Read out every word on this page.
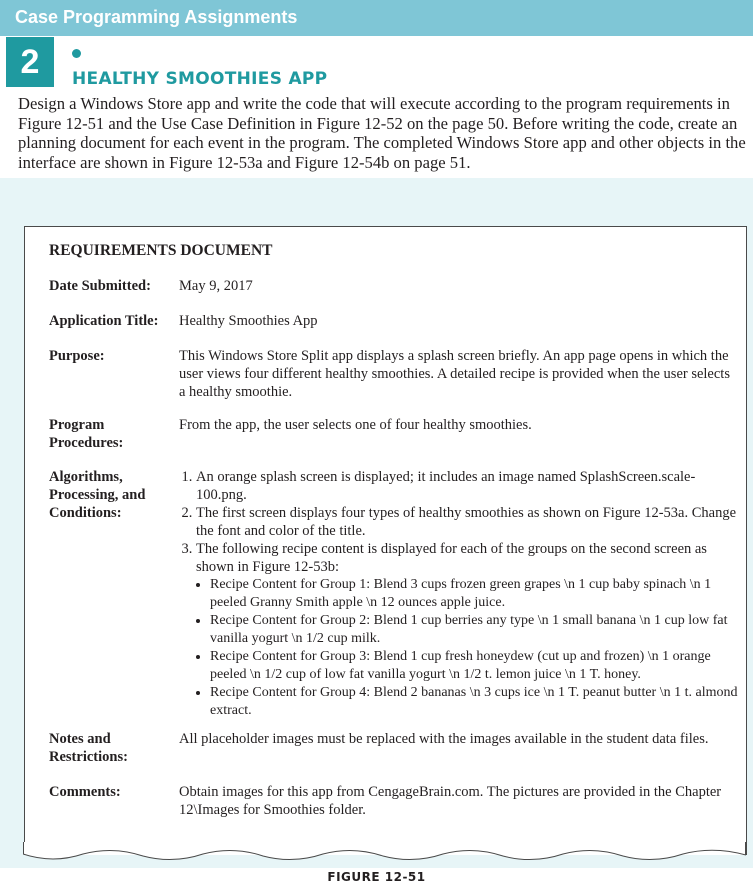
Case Programming Assignments
2	HEALTHY SMOOTHIES APP
Design a Windows Store app and write the code that will execute according to the program requirements in
Figure 12-51 and the Use Case Definition in Figure 12-52 on the page 50. Before writing the code, create an
planning document for each event in the program. The completed Windows Store app and other objects in the
interface are shown in Figure 12-53a and Figure 12-54b on page 51.
REQUIREMENTS DOCUMENT
Date Submitted: May 9, 2017
Application Title: Healthy Smoothies App
Purpose:	This Windows Store Split app displays a splash screen briefly. An app page opens in which the user views four different healthy smoothies. A detailed recipe is provided when the user selects a healthy smoothie.
Program Procedures:
From the app, the user selects one of four healthy smoothies.
Algorithms, Processing, and Conditions:
1. An orange splash screen is displayed; it includes an image named SplashScreen.scale-100.png.
2. The first screen displays four types of healthy smoothies as shown on Figure 12-53a. Change the font and color of the title.
3. The following recipe content is displayed for each of the groups on the second screen as shown in Figure 12-53b:
• Recipe Content for Group 1: Blend 3 cups frozen green grapes \n 1 cup baby spinach \n 1 peeled Granny Smith apple \n 12 ounces apple juice.
• Recipe Content for Group 2: Blend 1 cup berries any type \n 1 small banana \n 1 cup low fat vanilla yogurt \n 1/2 cup milk.
• Recipe Content for Group 3: Blend 1 cup fresh honeydew (cut up and frozen) \n 1 orange peeled \n 1/2 cup of low fat vanilla yogurt \n 1/2 t. lemon juice \n 1 T. honey.
• Recipe Content for Group 4: Blend 2 bananas \n 3 cups ice \n 1 T. peanut butter \n 1 t. almond extract.
Notes and Restrictions:
All placeholder images must be replaced with the images available in the student data files.
Comments:	Obtain images for this app from CengageBrain.com. The pictures are provided in the Chapter 12\Images for Smoothies folder.
FIGURE 12-51
